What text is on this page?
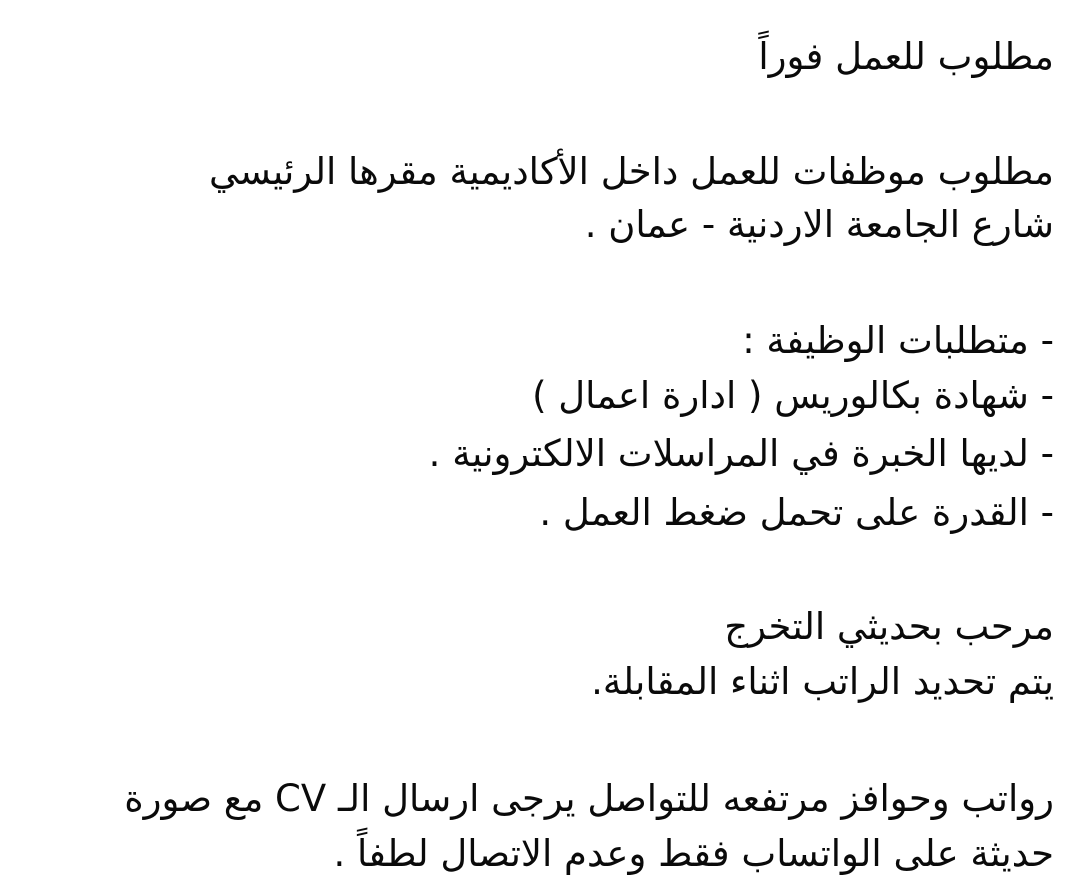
مطلوب للعمل فوراً
مطلوب موظفات للعمل داخل الأكاديمية مقرها الرئيسي
شارع الجامعة الاردنية - عمان .
- متطلبات الوظيفة :
- شهادة بكالوريس ( ادارة اعمال )
- لديها الخبرة في المراسلات الالكترونية .
- القدرة على تحمل ضغط العمل .
مرحب بحديثي التخرج
يتم تحديد الراتب اثناء المقابلة.
رواتب وحوافز مرتفعه للتواصل يرجى ارسال الـ CV مع صورة
حديثة على الواتساب فقط وعدم الاتصال لطفاً .
